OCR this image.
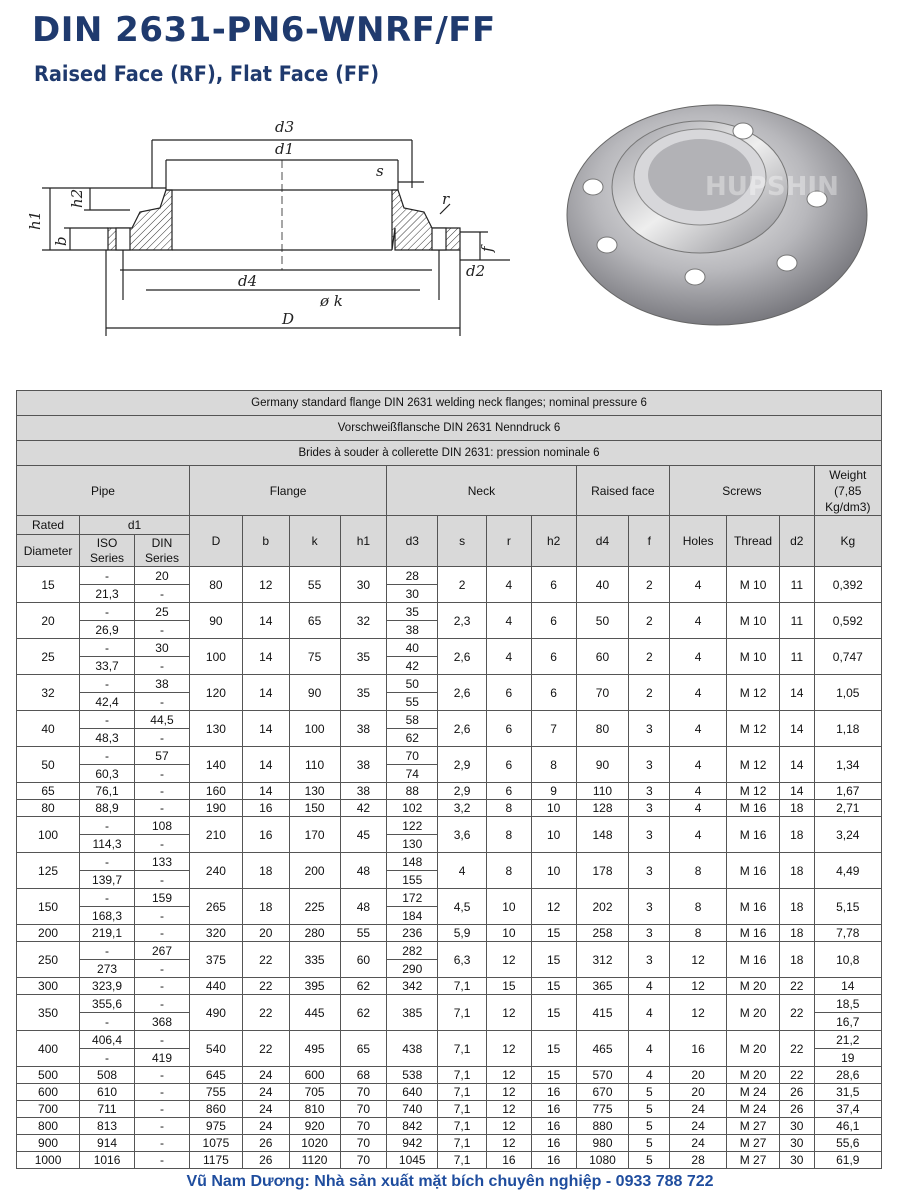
DIN 2631-PN6-WNRF/FF
Raised Face (RF), Flat Face (FF)
d3
d1
s
r
h1
h2
b
f
d2
d4
ø k
D
HUPSHIN
Germany standard flange DIN 2631 welding neck flanges; nominal pressure 6																
Vorschweißflansche DIN 2631 Nenndruck 6																
Brides à souder à collerette DIN 2631: pression nominale 6																
Pipe			Flange				Neck				Raised face		Screws			Weight
(7,85 Kg/dm3)
Rated	d1		D	b	k	h1	d3	s	r	h2	d4	f	Holes	Thread	d2	Kg
Diameter	ISO Series	DIN Series														
15	-	20	80	12	55	30	28	2	4	6	40	2	4	M 10	11	0,392
	21,3	-					30									
20	-	25	90	14	65	32	35	2,3	4	6	50	2	4	M 10	11	0,592
	26,9	-					38									
25	-	30	100	14	75	35	40	2,6	4	6	60	2	4	M 10	11	0,747
	33,7	-					42									
32	-	38	120	14	90	35	50	2,6	6	6	70	2	4	M 12	14	1,05
	42,4	-					55									
40	-	44,5	130	14	100	38	58	2,6	6	7	80	3	4	M 12	14	1,18
	48,3	-					62									
50	-	57	140	14	110	38	70	2,9	6	8	90	3	4	M 12	14	1,34
	60,3	-					74									
65	76,1	-	160	14	130	38	88	2,9	6	9	110	3	4	M 12	14	1,67
80	88,9	-	190	16	150	42	102	3,2	8	10	128	3	4	M 16	18	2,71
100	-	108	210	16	170	45	122	3,6	8	10	148	3	4	M 16	18	3,24
	114,3	-					130									
125	-	133	240	18	200	48	148	4	8	10	178	3	8	M 16	18	4,49
	139,7	-					155									
150	-	159	265	18	225	48	172	4,5	10	12	202	3	8	M 16	18	5,15
	168,3	-					184									
200	219,1	-	320	20	280	55	236	5,9	10	15	258	3	8	M 16	18	7,78
250	-	267	375	22	335	60	282	6,3	12	15	312	3	12	M 16	18	10,8
	273	-					290									
300	323,9	-	440	22	395	62	342	7,1	15	15	365	4	12	M 20	22	14
350	355,6	-	490	22	445	62	385	7,1	12	15	415	4	12	M 20	22	18,5
	-	368														16,7
400	406,4	-	540	22	495	65	438	7,1	12	15	465	4	16	M 20	22	21,2
	-	419														19
500	508	-	645	24	600	68	538	7,1	12	15	570	4	20	M 20	22	28,6
600	610	-	755	24	705	70	640	7,1	12	16	670	5	20	M 24	26	31,5
700	711	-	860	24	810	70	740	7,1	12	16	775	5	24	M 24	26	37,4
800	813	-	975	24	920	70	842	7,1	12	16	880	5	24	M 27	30	46,1
900	914	-	1075	26	1020	70	942	7,1	12	16	980	5	24	M 27	30	55,6
1000	1016	-	1175	26	1120	70	1045	7,1	16	16	1080	5	28	M 27	30	61,9
Vũ Nam Dương: Nhà sản xuất mặt bích chuyên nghiệp - 0933 788 722
